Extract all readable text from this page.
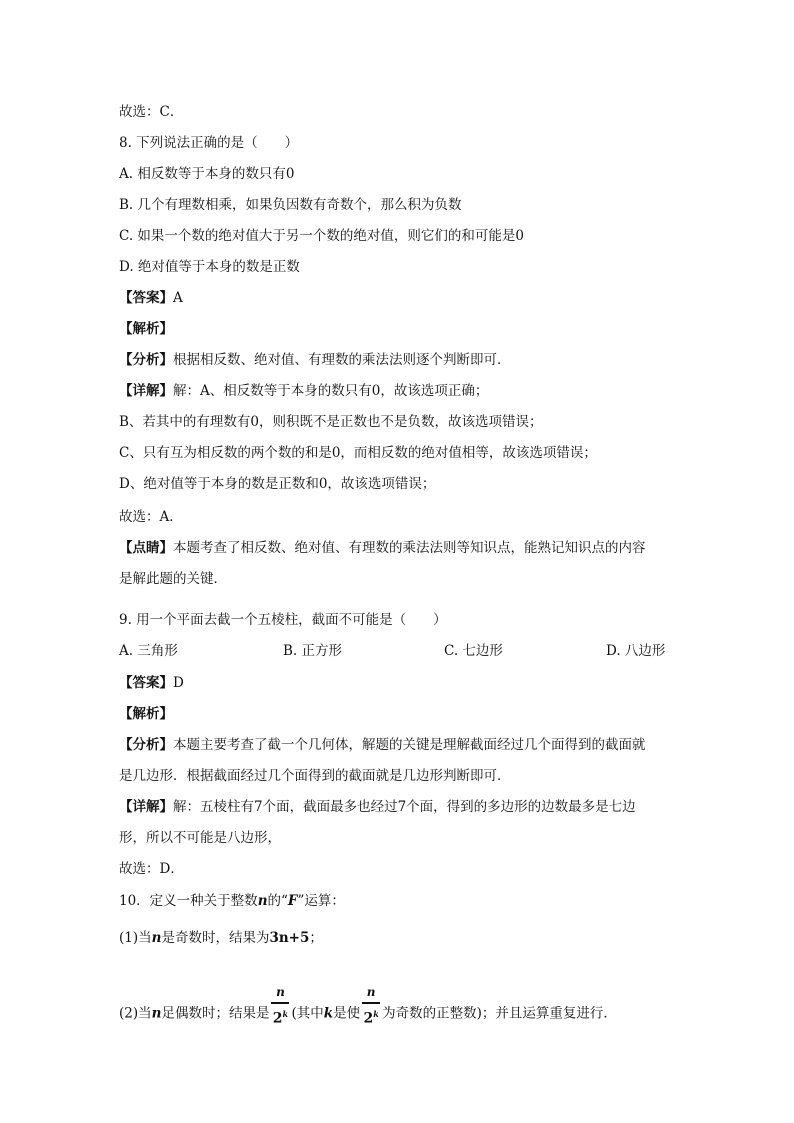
故选：C．
8. 下列说法正确的是（　　）
A. 相反数等于本身的数只有0
B. 几个有理数相乘，如果负因数有奇数个，那么积为负数
C. 如果一个数的绝对值大于另一个数的绝对值，则它们的和可能是0
D. 绝对值等于本身的数是正数
【答案】A
【解析】
【分析】根据相反数、绝对值、有理数的乘法法则逐个判断即可．
【详解】解：A、相反数等于本身的数只有0，故该选项正确；
B、若其中的有理数有0，则积既不是正数也不是负数，故该选项错误；
C、只有互为相反数的两个数的和是0，而相反数的绝对值相等，故该选项错误；
D、绝对值等于本身的数是正数和0，故该选项错误；
故选：A．
【点睛】本题考查了相反数、绝对值、有理数的乘法法则等知识点，能熟记知识点的内容
是解此题的关键．
9. 用一个平面去截一个五棱柱，截面不可能是（　　）
A. 三角形	B. 正方形	C. 七边形	D. 八边形
【答案】D
【解析】
【分析】本题主要考查了截一个几何体，解题的关键是理解截面经过几个面得到的截面就
是几边形．根据截面经过几个面得到的截面就是几边形判断即可．
【详解】解：五棱柱有7个面，截面最多也经过7个面，得到的多边形的边数最多是七边
形，所以不可能是八边形，
故选：D．
10．定义一种关于整数n的“F”运算：
(1)当n是奇数时，结果为3n+5；
(2)当n足偶数时；结果是 $\frac{n}{2^k}$ (其中k是使 $\frac{n}{2^k}$ 为奇数的正整数)；并且运算重复进行．
